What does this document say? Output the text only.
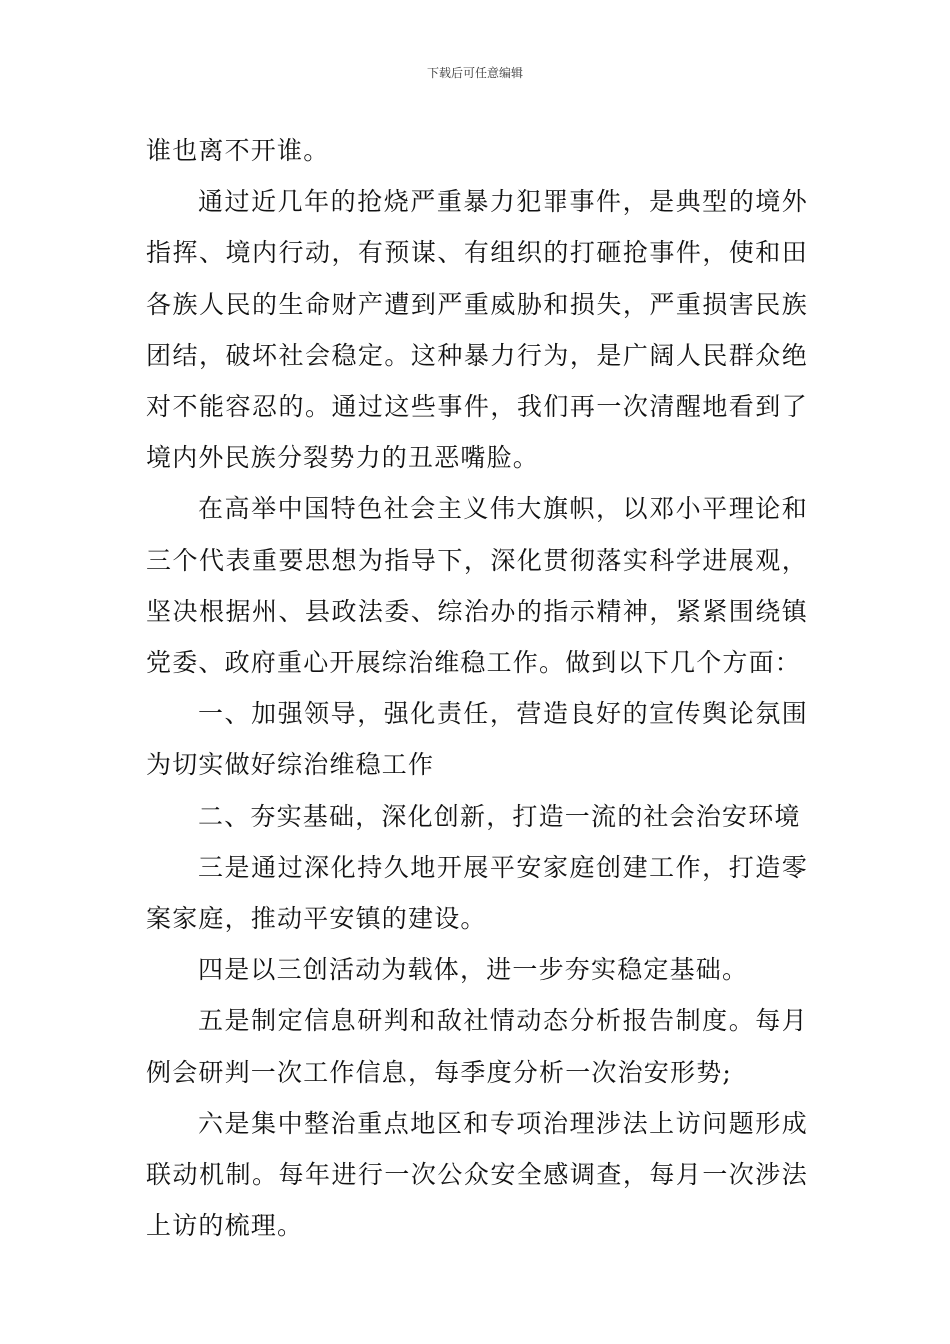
下载后可任意编辑

谁也离不开谁。

通过近几年的抢烧严重暴力犯罪事件，是典型的境外指挥、境内行动，有预谋、有组织的打砸抢事件，使和田各族人民的生命财产遭到严重威胁和损失，严重损害民族团结，破坏社会稳定。这种暴力行为，是广阔人民群众绝对不能容忍的。通过这些事件，我们再一次清醒地看到了境内外民族分裂势力的丑恶嘴脸。

在高举中国特色社会主义伟大旗帜，以邓小平理论和三个代表重要思想为指导下，深化贯彻落实科学进展观，坚决根据州、县政法委、综治办的指示精神，紧紧围绕镇党委、政府重心开展综治维稳工作。做到以下几个方面：

一、加强领导，强化责任，营造良好的宣传舆论氛围为切实做好综治维稳工作

二、夯实基础，深化创新，打造一流的社会治安环境

三是通过深化持久地开展平安家庭创建工作，打造零案家庭，推动平安镇的建设。

四是以三创活动为载体，进一步夯实稳定基础。

五是制定信息研判和敌社情动态分析报告制度。每月例会研判一次工作信息，每季度分析一次治安形势;

六是集中整治重点地区和专项治理涉法上访问题形成联动机制。每年进行一次公众安全感调查，每月一次涉法上访的梳理。
